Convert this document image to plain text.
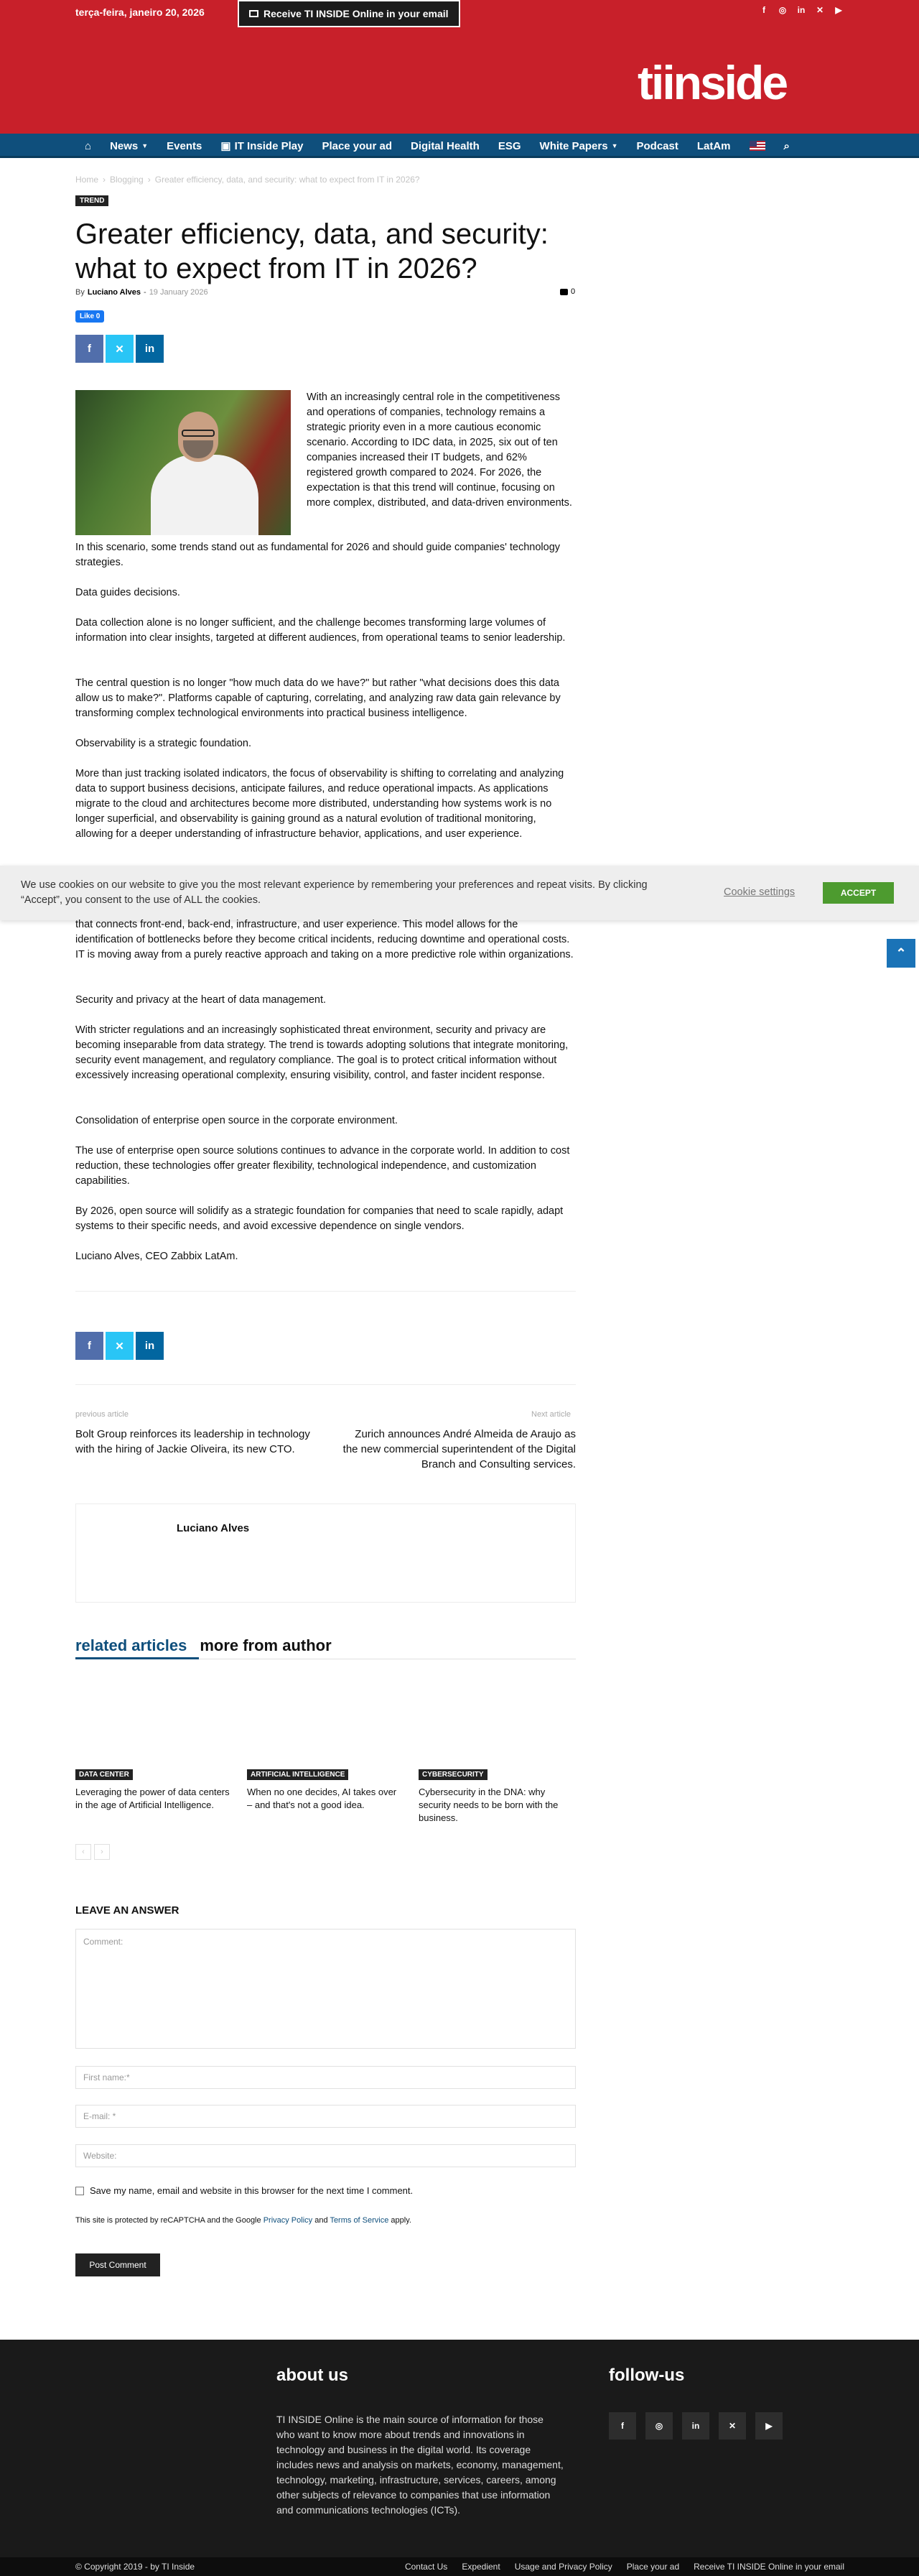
terça-feira, janeiro 20, 2026	Receive TI INSIDE Online in your email	f	◎ in ✕ ▶
tiinside
⌂	News ▼	Events	▣ IT Inside Play	Place your ad	Digital Health	ESG	White Papers ▼	Podcast	LatAm	⌕
Home › Blogging › Greater efficiency, data, and security: what to expect from IT in 2026?
TREND
Greater efficiency, data, and security: what to expect from IT in 2026?
By Luciano Alves - 19 January 2026	0
Like 0
f	✕	in

With an increasingly central role in the competitiveness and operations of companies, technology remains a strategic priority even in a more cautious economic scenario. According to IDC data, in 2025, six out of ten companies increased their IT budgets, and 62% registered growth compared to 2024. For 2026, the expectation is that this trend will continue, focusing on more complex, distributed, and data-driven environments.

In this scenario, some trends stand out as fundamental for 2026 and should guide companies' technology strategies.

Data guides decisions.

Data collection alone is no longer sufficient, and the challenge becomes transforming large volumes of information into clear insights, targeted at different audiences, from operational teams to senior leadership.

The central question is no longer "how much data do we have?" but rather "what decisions does this data allow us to make?". Platforms capable of capturing, correlating, and analyzing raw data gain relevance by transforming complex technological environments into practical business intelligence.

Observability is a strategic foundation.

More than just tracking isolated indicators, the focus of observability is shifting to correlating and analyzing data to support business decisions, anticipate failures, and reduce operational impacts. As applications migrate to the cloud and architectures become more distributed, understanding how systems work is no longer superficial, and observability is gaining ground as a natural evolution of traditional monitoring, allowing for a deeper understanding of infrastructure behavior, applications, and user experience.

We use cookies on our website to give you the most relevant experience by remembering your preferences and repeat visits. By clicking “Accept”, you consent to the use of ALL the cookies.
Cookie settings	ACCEPT

that connects front-end, back-end, infrastructure, and user experience. This model allows for the identification of bottlenecks before they become critical incidents, reducing downtime and operational costs. IT is moving away from a purely reactive approach and taking on a more predictive role within organizations.	⌃

Security and privacy at the heart of data management.

With stricter regulations and an increasingly sophisticated threat environment, security and privacy are becoming inseparable from data strategy. The trend is towards adopting solutions that integrate monitoring, security event management, and regulatory compliance. The goal is to protect critical information without excessively increasing operational complexity, ensuring visibility, control, and faster incident response.

Consolidation of enterprise open source in the corporate environment.

The use of enterprise open source solutions continues to advance in the corporate world. In addition to cost reduction, these technologies offer greater flexibility, technological independence, and customization capabilities.

By 2026, open source will solidify as a strategic foundation for companies that need to scale rapidly, adapt systems to their specific needs, and avoid excessive dependence on single vendors.

Luciano Alves, CEO Zabbix LatAm.

f	✕	in
previous article	Next article
Bolt Group reinforces its leadership in technology with the hiring of Jackie Oliveira, its new CTO.
Zurich announces André Almeida de Araujo as the new commercial superintendent of the Digital Branch and Consulting services.
Luciano Alves
related articles more from author
DATA CENTER
Leveraging the power of data centers in the age of Artificial Intelligence.
ARTIFICIAL INTELLIGENCE
When no one decides, AI takes over – and that's not a good idea.
CYBERSECURITY
Cybersecurity in the DNA: why security needs to be born with the business.
‹	›
LEAVE AN ANSWER
Comment:
First name:*
E-mail: *
Website:
Save my name, email and website in this browser for the next time I comment.
This site is protected by reCAPTCHA and the Google Privacy Policy and Terms of Service apply.
Post Comment
about us

TI INSIDE Online is the main source of information for those who want to know more about trends and innovations in technology and business in the digital world. Its coverage includes news and analysis on markets, economy, management, technology, marketing, infrastructure, services, careers, among other subjects of relevance to companies that use information and communications technologies (ICTs).

follow-us
f	◎	in	✕	▶
© Copyright 2019 - by TI Inside	Contact Us Expedient Usage and Privacy Policy Place your ad Receive TI INSIDE Online in your email
